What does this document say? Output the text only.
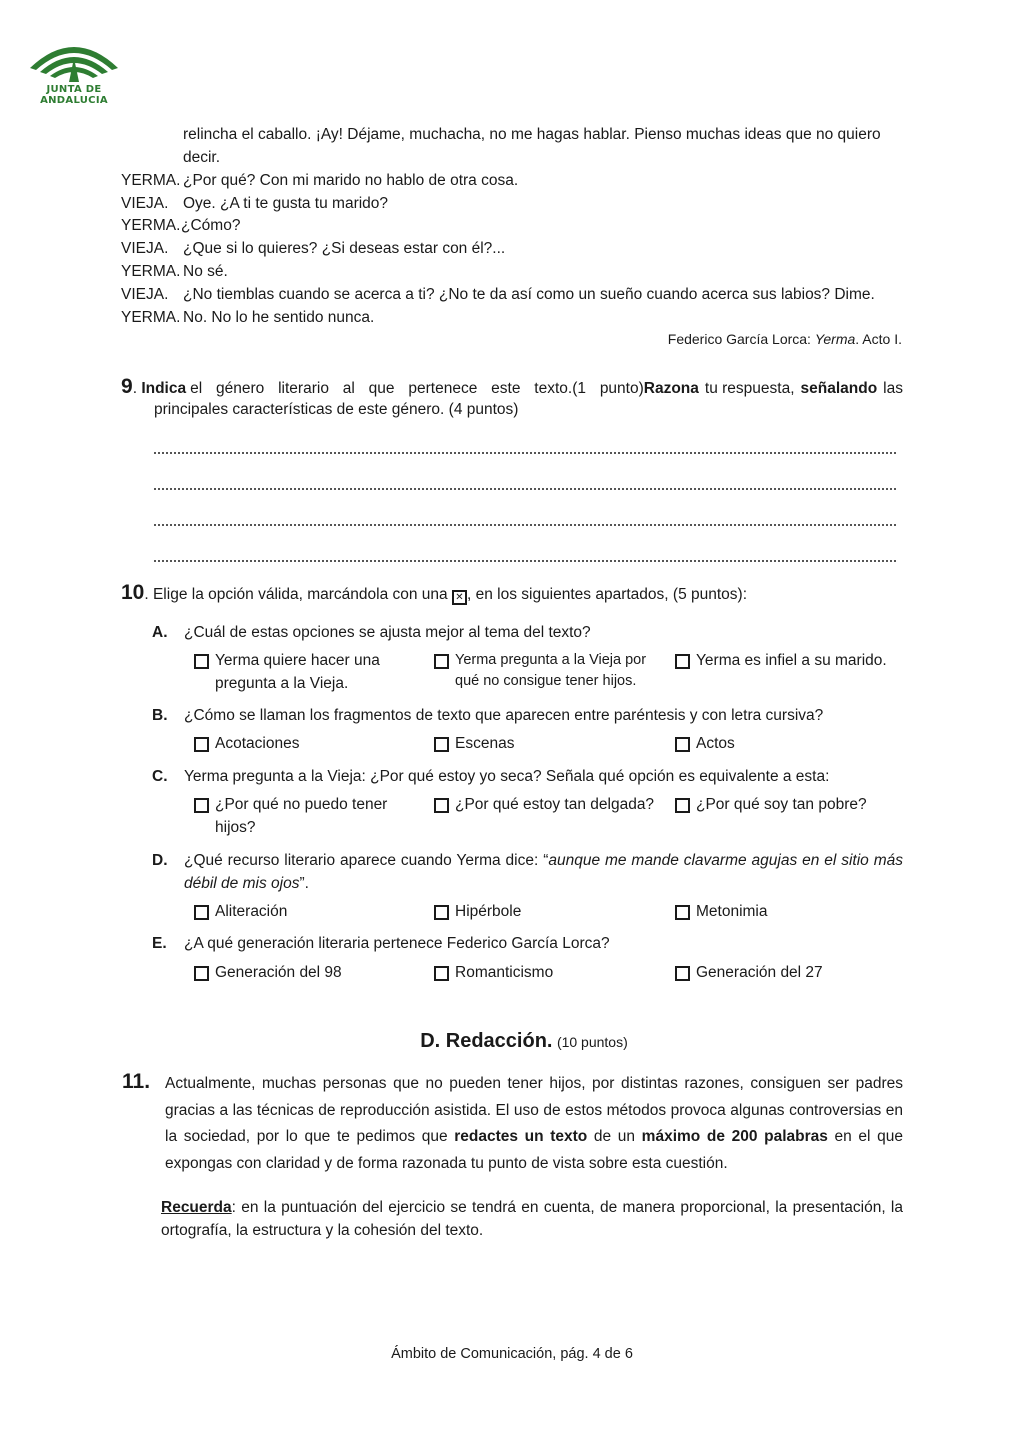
JUNTA DE ANDALUCIA
relincha el caballo. ¡Ay! Déjame, muchacha, no me hagas hablar. Pienso muchas ideas que no quiero
decir.
YERMA. ¿Por qué? Con mi marido no hablo de otra cosa.
VIEJA. Oye. ¿A ti te gusta tu marido?
YERMA. ¿Cómo?
VIEJA. ¿Que si lo quieres? ¿Si deseas estar con él?...
YERMA. No sé.
VIEJA. ¿No tiemblas cuando se acerca a ti? ¿No te da así como un sueño cuando acerca sus labios? Dime.
YERMA. No. No lo he sentido nunca.
Federico García Lorca: Yerma. Acto I.
9. Indica el género literario al que pertenece este texto.(1 punto) Razona tu respuesta, señalando las
principales características de este género. (4 puntos)
10. Elige la opción válida, marcándola con una ✕ , en los siguientes apartados, (5 puntos):
A. ¿Cuál de estas opciones se ajusta mejor al tema del texto?
Yerma quiere hacer una pregunta a la Vieja.
Yerma pregunta a la Vieja por qué no consigue tener hijos.
Yerma es infiel a su marido.
B. ¿Cómo se llaman los fragmentos de texto que aparecen entre paréntesis y con letra cursiva?
Acotaciones	Escenas	Actos
C. Yerma pregunta a la Vieja: ¿Por qué estoy yo seca? Señala qué opción es equivalente a esta:
¿Por qué no puedo tener hijos?
¿Por qué estoy tan delgada?	¿Por qué soy tan pobre?
D. ¿Qué recurso literario aparece cuando Yerma dice: “aunque me mande clavarme agujas en el sitio más débil de mis ojos”.
Aliteración	Hipérbole	Metonimia
E. ¿A qué generación literaria pertenece Federico García Lorca?
Generación del 98	Romanticismo	Generación del 27
D. Redacción. (10 puntos)
11. Actualmente, muchas personas que no pueden tener hijos, por distintas razones, consiguen ser padres gracias a las técnicas de reproducción asistida. El uso de estos métodos provoca algunas controversias en la sociedad, por lo que te pedimos que redactes un texto de un máximo de 200 palabras en el que expongas con claridad y de forma razonada tu punto de vista sobre esta cuestión.
Recuerda: en la puntuación del ejercicio se tendrá en cuenta, de manera proporcional, la presentación, la ortografía, la estructura y la cohesión del texto.
Ámbito de Comunicación, pág. 4 de 6
